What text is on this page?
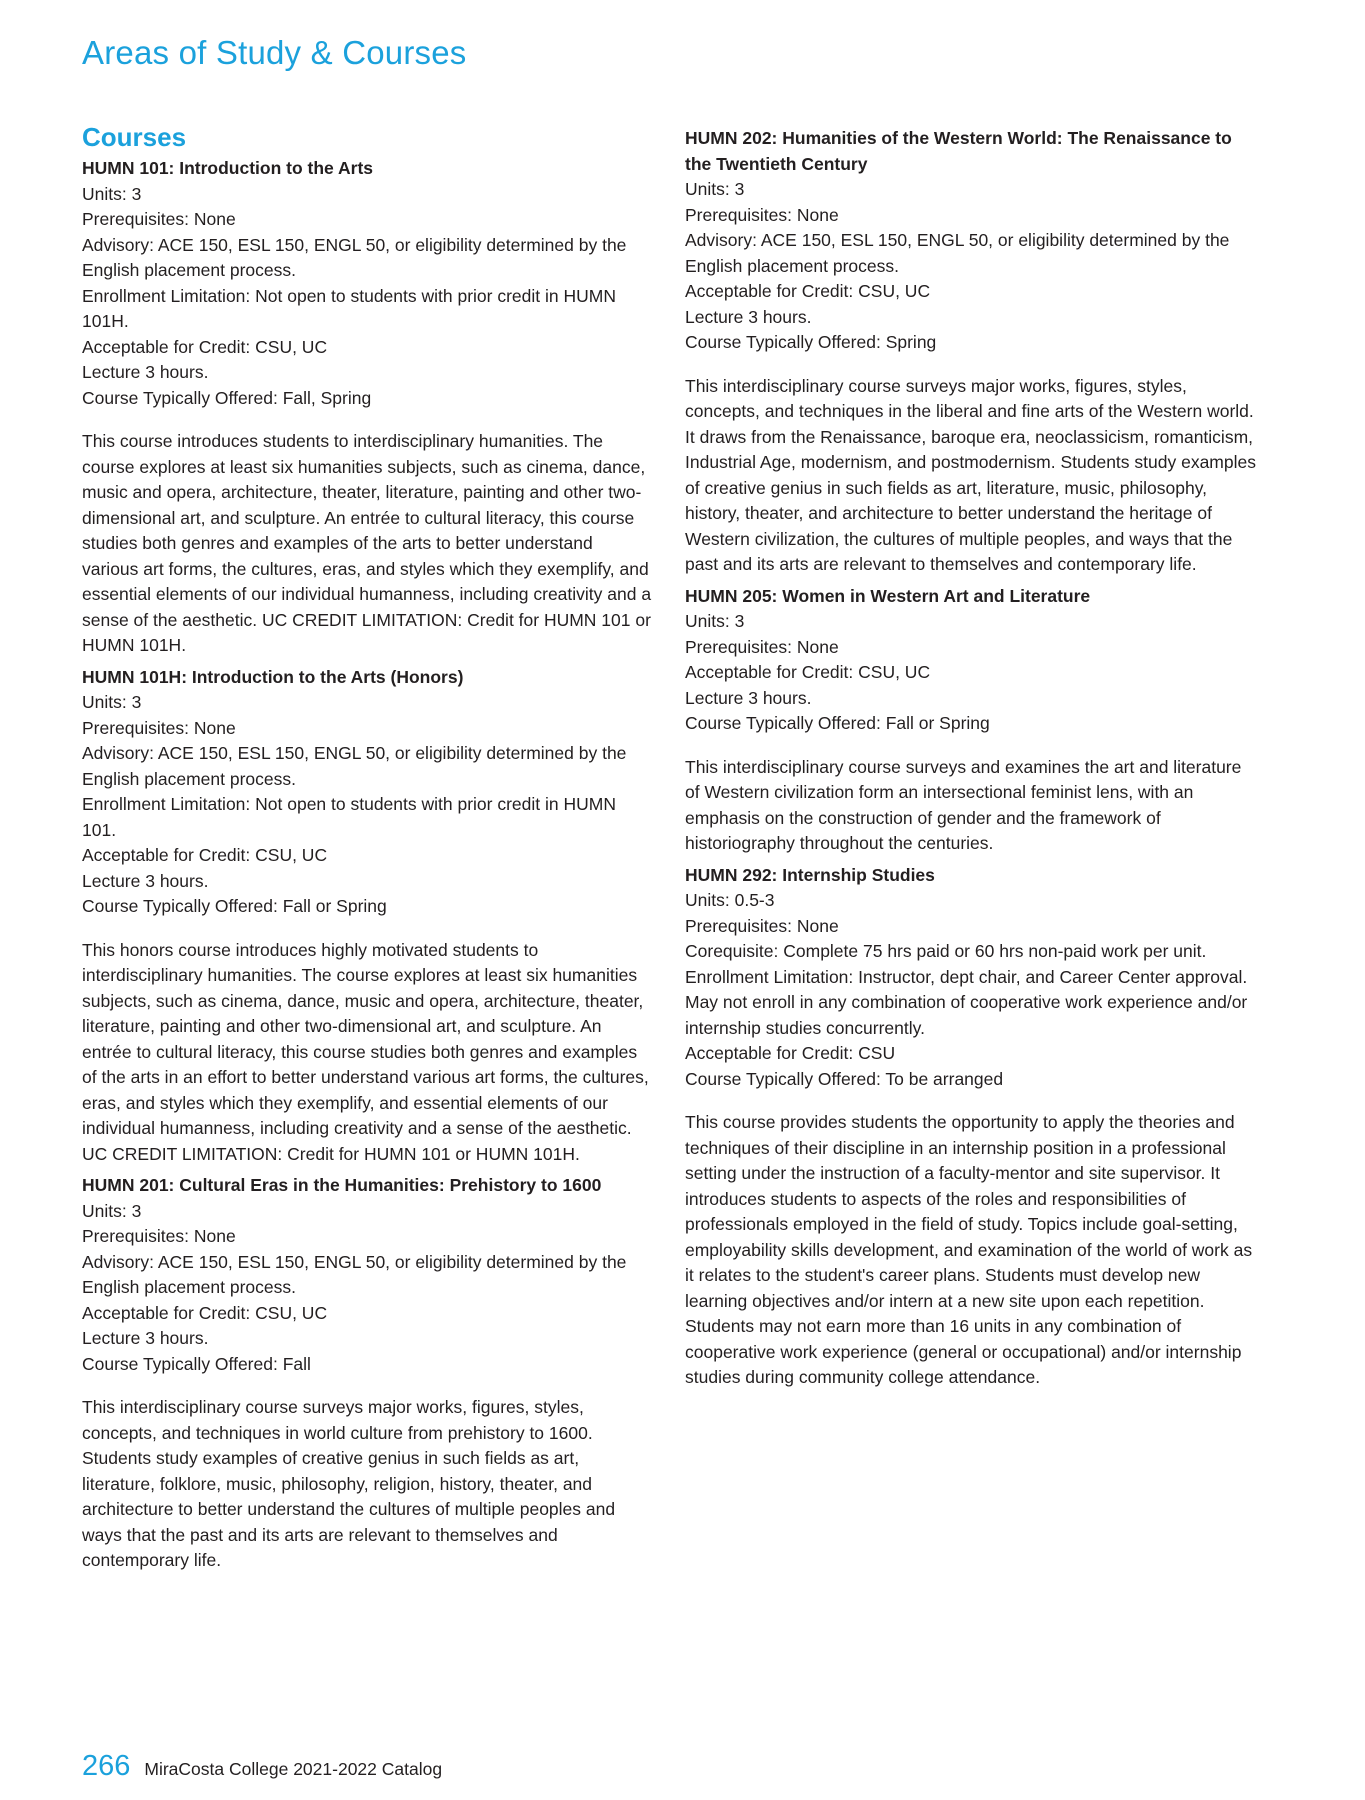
Areas of Study & Courses
Courses

HUMN 101: Introduction to the Arts

Units: 3

Prerequisites: None

Advisory: ACE 150, ESL 150, ENGL 50, or eligibility determined by the English placement process.

Enrollment Limitation: Not open to students with prior credit in HUMN 101H.

Acceptable for Credit: CSU, UC

Lecture 3 hours.

Course Typically Offered: Fall, Spring

This course introduces students to interdisciplinary humanities. The course explores at least six humanities subjects, such as cinema, dance, music and opera, architecture, theater, literature, painting and other two-dimensional art, and sculpture. An entrée to cultural literacy, this course studies both genres and examples of the arts to better understand various art forms, the cultures, eras, and styles which they exemplify, and essential elements of our individual humanness, including creativity and a sense of the aesthetic. UC CREDIT LIMITATION: Credit for HUMN 101 or HUMN 101H.

HUMN 101H: Introduction to the Arts (Honors)

Units: 3

Prerequisites: None

Advisory: ACE 150, ESL 150, ENGL 50, or eligibility determined by the English placement process.

Enrollment Limitation: Not open to students with prior credit in HUMN 101.

Acceptable for Credit: CSU, UC

Lecture 3 hours.

Course Typically Offered: Fall or Spring

This honors course introduces highly motivated students to interdisciplinary humanities. The course explores at least six humanities subjects, such as cinema, dance, music and opera, architecture, theater, literature, painting and other two-dimensional art, and sculpture. An entrée to cultural literacy, this course studies both genres and examples of the arts in an effort to better understand various art forms, the cultures, eras, and styles which they exemplify, and essential elements of our individual humanness, including creativity and a sense of the aesthetic. UC CREDIT LIMITATION: Credit for HUMN 101 or HUMN 101H.

HUMN 201: Cultural Eras in the Humanities: Prehistory to 1600

Units: 3

Prerequisites: None

Advisory: ACE 150, ESL 150, ENGL 50, or eligibility determined by the English placement process.

Acceptable for Credit: CSU, UC

Lecture 3 hours.

Course Typically Offered: Fall

This interdisciplinary course surveys major works, figures, styles, concepts, and techniques in world culture from prehistory to 1600. Students study examples of creative genius in such fields as art, literature, folklore, music, philosophy, religion, history, theater, and architecture to better understand the cultures of multiple peoples and ways that the past and its arts are relevant to themselves and contemporary life.

HUMN 202: Humanities of the Western World: The Renaissance to the Twentieth Century

Units: 3

Prerequisites: None

Advisory: ACE 150, ESL 150, ENGL 50, or eligibility determined by the English placement process.

Acceptable for Credit: CSU, UC

Lecture 3 hours.

Course Typically Offered: Spring

This interdisciplinary course surveys major works, figures, styles, concepts, and techniques in the liberal and fine arts of the Western world. It draws from the Renaissance, baroque era, neoclassicism, romanticism, Industrial Age, modernism, and postmodernism. Students study examples of creative genius in such fields as art, literature, music, philosophy, history, theater, and architecture to better understand the heritage of Western civilization, the cultures of multiple peoples, and ways that the past and its arts are relevant to themselves and contemporary life.

HUMN 205: Women in Western Art and Literature

Units: 3

Prerequisites: None

Acceptable for Credit: CSU, UC

Lecture 3 hours.

Course Typically Offered: Fall or Spring

This interdisciplinary course surveys and examines the art and literature of Western civilization form an intersectional feminist lens, with an emphasis on the construction of gender and the framework of historiography throughout the centuries.

HUMN 292: Internship Studies

Units: 0.5-3

Prerequisites: None

Corequisite: Complete 75 hrs paid or 60 hrs non-paid work per unit.

Enrollment Limitation: Instructor, dept chair, and Career Center approval. May not enroll in any combination of cooperative work experience and/or internship studies concurrently.

Acceptable for Credit: CSU

Course Typically Offered: To be arranged

This course provides students the opportunity to apply the theories and techniques of their discipline in an internship position in a professional setting under the instruction of a faculty-mentor and site supervisor. It introduces students to aspects of the roles and responsibilities of professionals employed in the field of study. Topics include goal-setting, employability skills development, and examination of the world of work as it relates to the student's career plans. Students must develop new learning objectives and/or intern at a new site upon each repetition. Students may not earn more than 16 units in any combination of cooperative work experience (general or occupational) and/or internship studies during community college attendance.

266 MiraCosta College 2021-2022 Catalog
